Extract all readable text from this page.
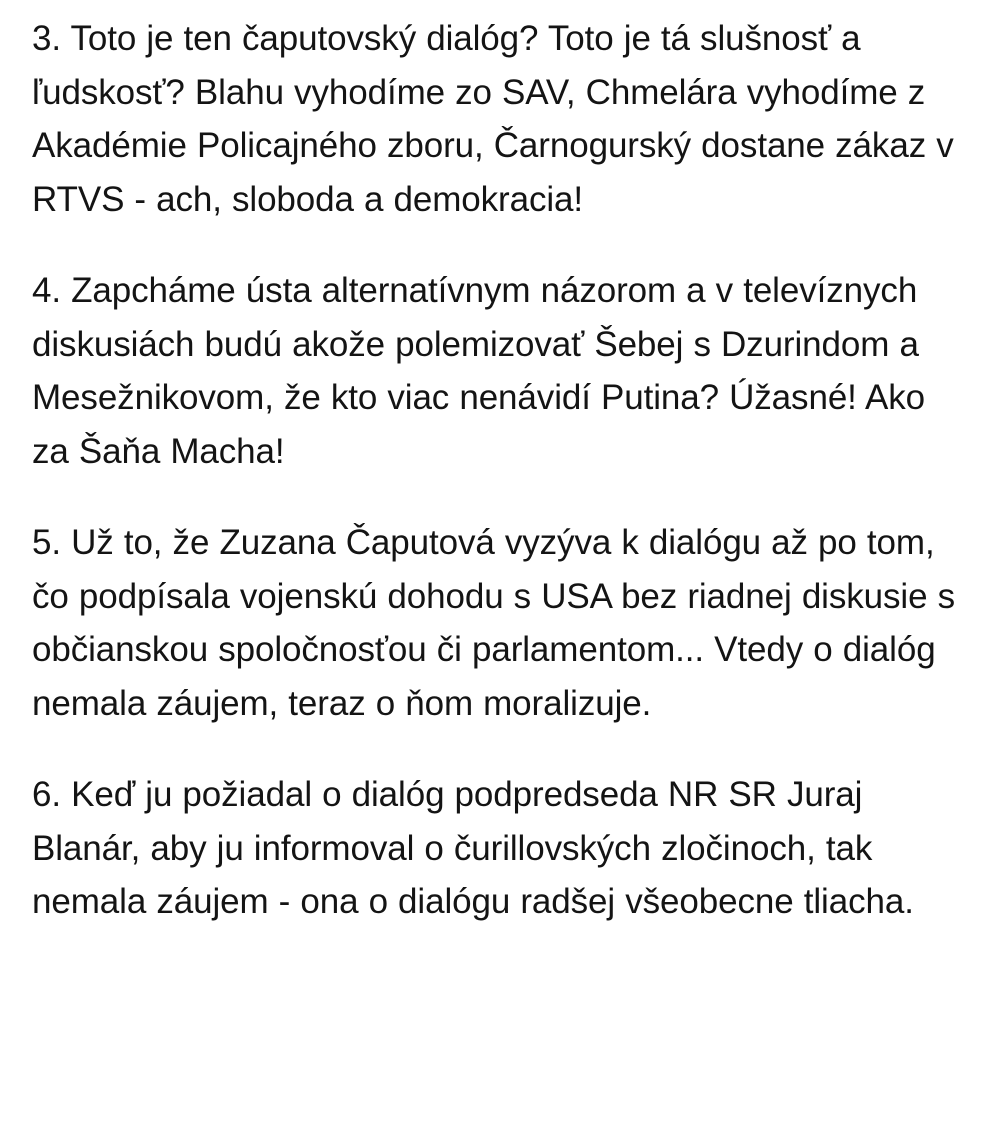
3. Toto je ten čaputovský dialóg? Toto je tá slušnosť a ľudskosť? Blahu vyhodíme zo SAV, Chmelára vyhodíme z Akadémie Policajného zboru, Čarnogurský dostane zákaz v RTVS - ach, sloboda a demokracia!

4. Zapcháme ústa alternatívnym názorom a v televíznych diskusiách budú akože polemizovať Šebej s Dzurindom a Mesežnikovom, že kto viac nenávidí Putina? Úžasné! Ako za Šaňa Macha!

5. Už to, že Zuzana Čaputová vyzýva k dialógu až po tom, čo podpísala vojenskú dohodu s USA bez riadnej diskusie s občianskou spoločnosťou či parlamentom... Vtedy o dialóg nemala záujem, teraz o ňom moralizuje.

6. Keď ju požiadal o dialóg podpredseda NR SR Juraj Blanár, aby ju informoval o čurillovských zločinoch, tak nemala záujem - ona o dialógu radšej všeobecne tliacha.
